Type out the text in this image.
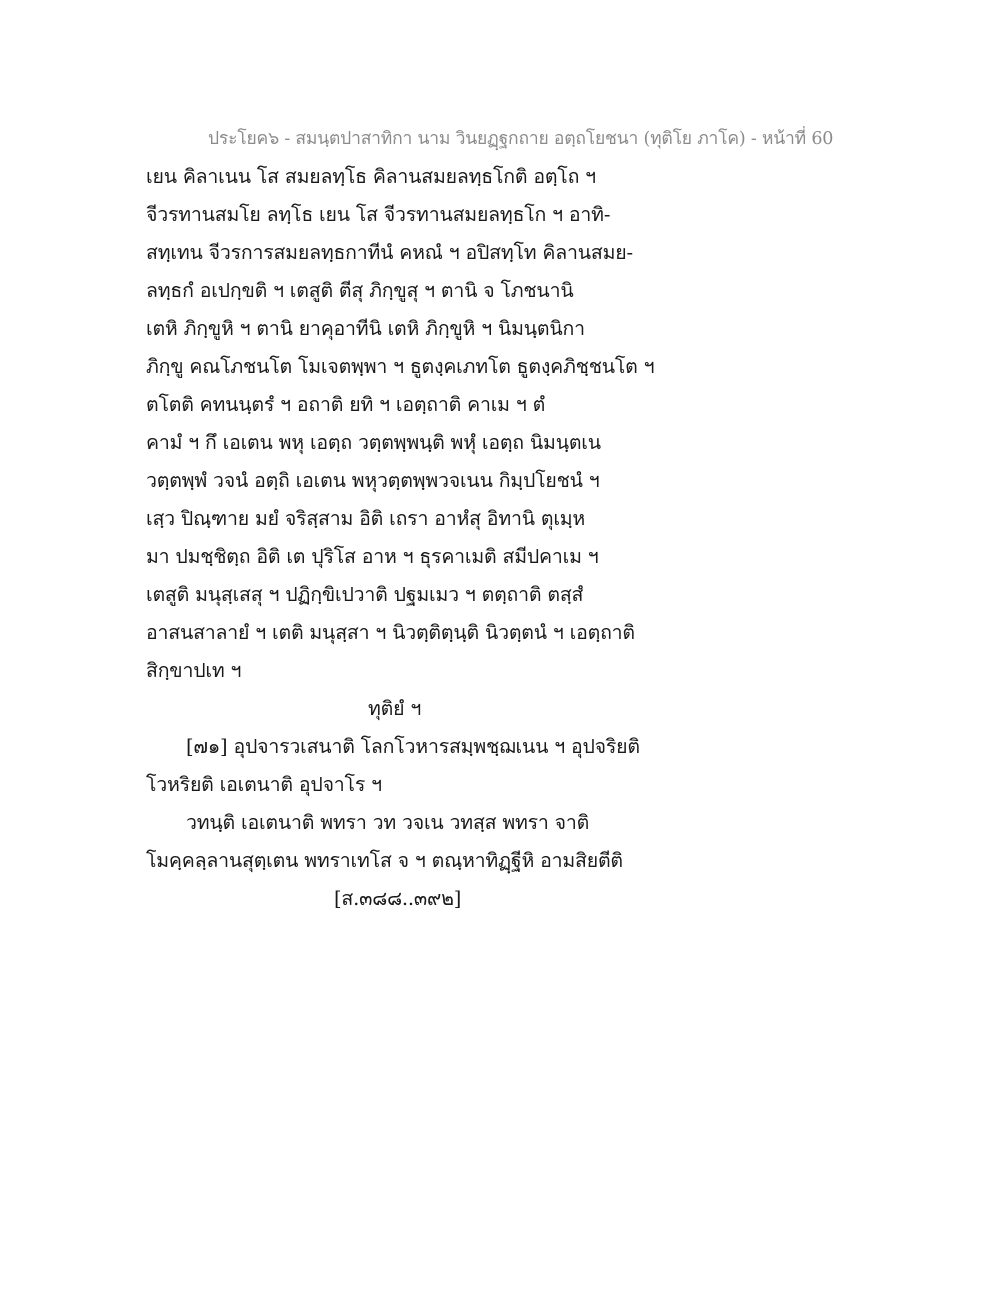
ประโยค๖ - สมนฺตปาสาทิกา นาม วินยฏฺฐกถาย อตฺถโยชนา (ทุติโย ภาโค) - หน้าที่ 60
เยน คิลาเนน โส สมยลทฺโธ คิลานสมยลทฺธโกติ อตฺโถ ฯ
จีวรทานสมโย ลทฺโธ เยน โส จีวรทานสมยลทฺธโก ฯ อาทิ-
สทฺเทน จีวรการสมยลทฺธกาทีนํ คหณํ ฯ อปิสทฺโท คิลานสมย-
ลทฺธกํ อเปกฺขติ ฯ เตสูติ ตีสุ ภิกฺขูสุ ฯ ตานิ จ โภชนานิ
เตหิ ภิกฺขูหิ ฯ ตานิ ยาคุอาทีนิ เตหิ ภิกฺขูหิ ฯ นิมนฺตนิกา
ภิกฺขู คณโภชนโต โมเจตพฺพา ฯ ธูตงฺคเภทโต ธูตงฺคภิชฺชนโต ฯ
ตโตติ คทนนฺตรํ ฯ อถาติ ยทิ ฯ เอตฺถาติ คาเม ฯ ตํ
คามํ ฯ กึ เอเตน พหุ เอตฺถ วตฺตพฺพนฺติ พหุํ เอตฺถ นิมนฺตเน
วตฺตพฺพํ วจนํ อตฺถิ เอเตน พหุวตฺตพฺพวจเนน กิมฺปโยชนํ ฯ
เสฺว ปิณฺฑาย มยํ จริสฺสาม อิติ เถรา อาหํสุ อิทานิ ตุเมฺห
มา ปมชฺชิตฺถ อิติ เต ปุริโส อาห ฯ ธุรคาเมติ สมีปคาเม ฯ
เตสูติ มนุสฺเสสุ ฯ ปฏิกฺขิเปวาติ ปฐมเมว ฯ ตตฺถาติ ตสฺสํ
อาสนสาลายํ ฯ เตติ มนุสฺสา ฯ นิวตฺติตฺนฺติ นิวตฺตนํ ฯ เอตฺถาติ
สิกฺขาปเท ฯ
ทุติยํ ฯ
[๗๑] อุปจารวเสนาติ โลกโวหารสมฺพชฺฌเนน ฯ อุปจริยติ
โวหริยติ เอเตนาติ อุปจาโร ฯ
วทนฺติ เอเตนาติ พทรา วท วจเน วทสฺส พทรา จาติ
โมคฺคลฺลานสุตฺเตน พทราเทโส จ ฯ ตณฺหาทิฏฺฐีหิ อามสิยตีติ
[ส.๓๘๘..๓๙๒]
